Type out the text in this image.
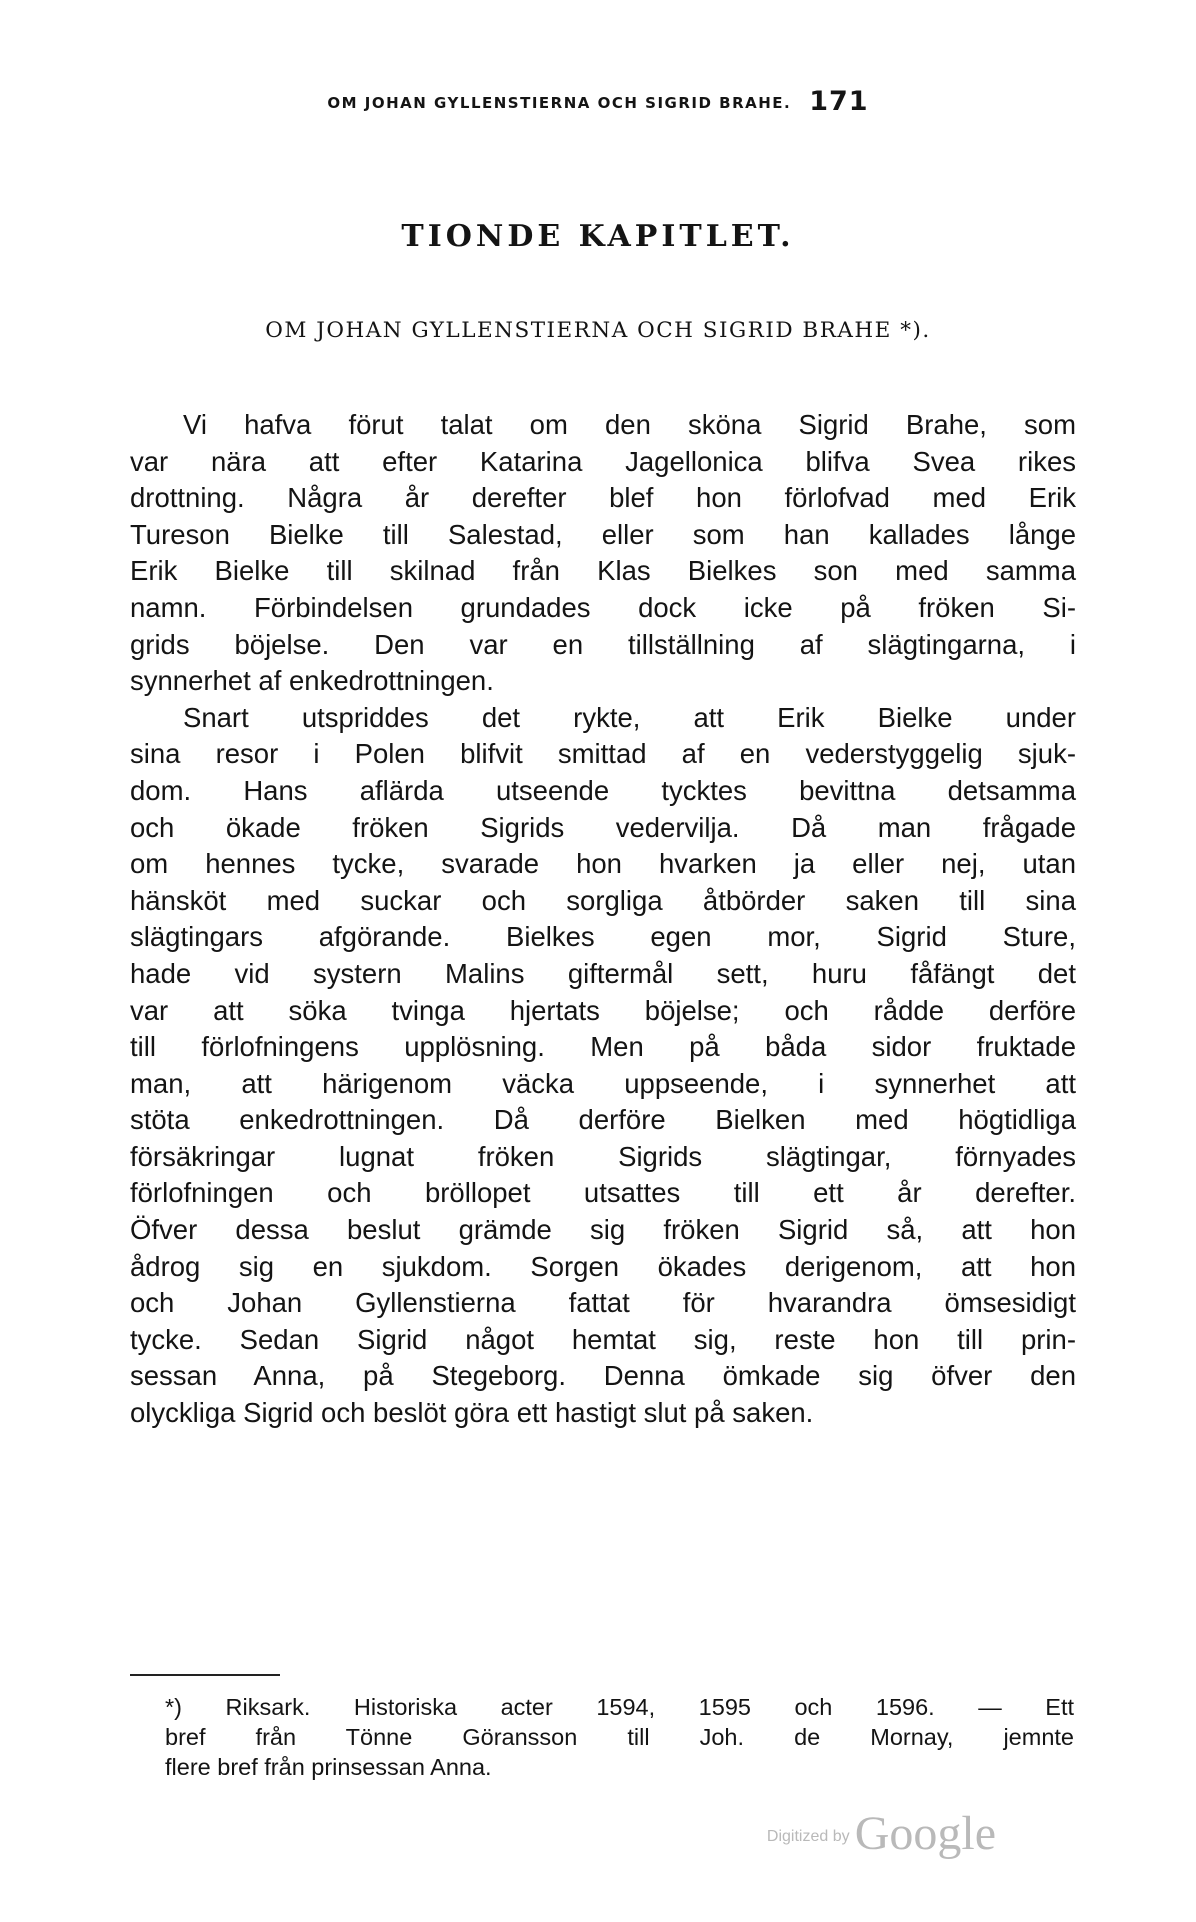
OM JOHAN GYLLENSTIERNA OCH SIGRID BRAHE. 171
TIONDE KAPITLET.
OM JOHAN GYLLENSTIERNA OCH SIGRID BRAHE *).
Vi hafva förut talat om den sköna Sigrid Brahe, som
var nära att efter Katarina Jagellonica blifva Svea rikes
drottning. Några år derefter blef hon förlofvad med Erik
Tureson Bielke till Salestad, eller som han kallades långe
Erik Bielke till skilnad från Klas Bielkes son med samma
namn. Förbindelsen grundades dock icke på fröken Si-
grids böjelse. Den var en tillställning af slägtingarna, i
synnerhet af enkedrottningen.
Snart utspriddes det rykte, att Erik Bielke under
sina resor i Polen blifvit smittad af en vederstyggelig sjuk-
dom. Hans aflärda utseende tycktes bevittna detsamma
och ökade fröken Sigrids vedervilja. Då man frågade
om hennes tycke, svarade hon hvarken ja eller nej, utan
hänsköt med suckar och sorgliga åtbörder saken till sina
slägtingars afgörande. Bielkes egen mor, Sigrid Sture,
hade vid systern Malins giftermål sett, huru fåfängt det
var att söka tvinga hjertats böjelse; och rådde derföre
till förlofningens upplösning. Men på båda sidor fruktade
man, att härigenom väcka uppseende, i synnerhet att
stöta enkedrottningen. Då derföre Bielken med högtidliga
försäkringar lugnat fröken Sigrids slägtingar, förnyades
förlofningen och bröllopet utsattes till ett år derefter.
Öfver dessa beslut grämde sig fröken Sigrid så, att hon
ådrog sig en sjukdom. Sorgen ökades derigenom, att hon
och Johan Gyllenstierna fattat för hvarandra ömsesidigt
tycke. Sedan Sigrid något hemtat sig, reste hon till prin-
sessan Anna, på Stegeborg. Denna ömkade sig öfver den
olyckliga Sigrid och beslöt göra ett hastigt slut på saken.
*) Riksark. Historiska acter 1594, 1595 och 1596. — Ett
bref från Tönne Göransson till Joh. de Mornay, jemnte
flere bref från prinsessan Anna.
Digitized by Google
